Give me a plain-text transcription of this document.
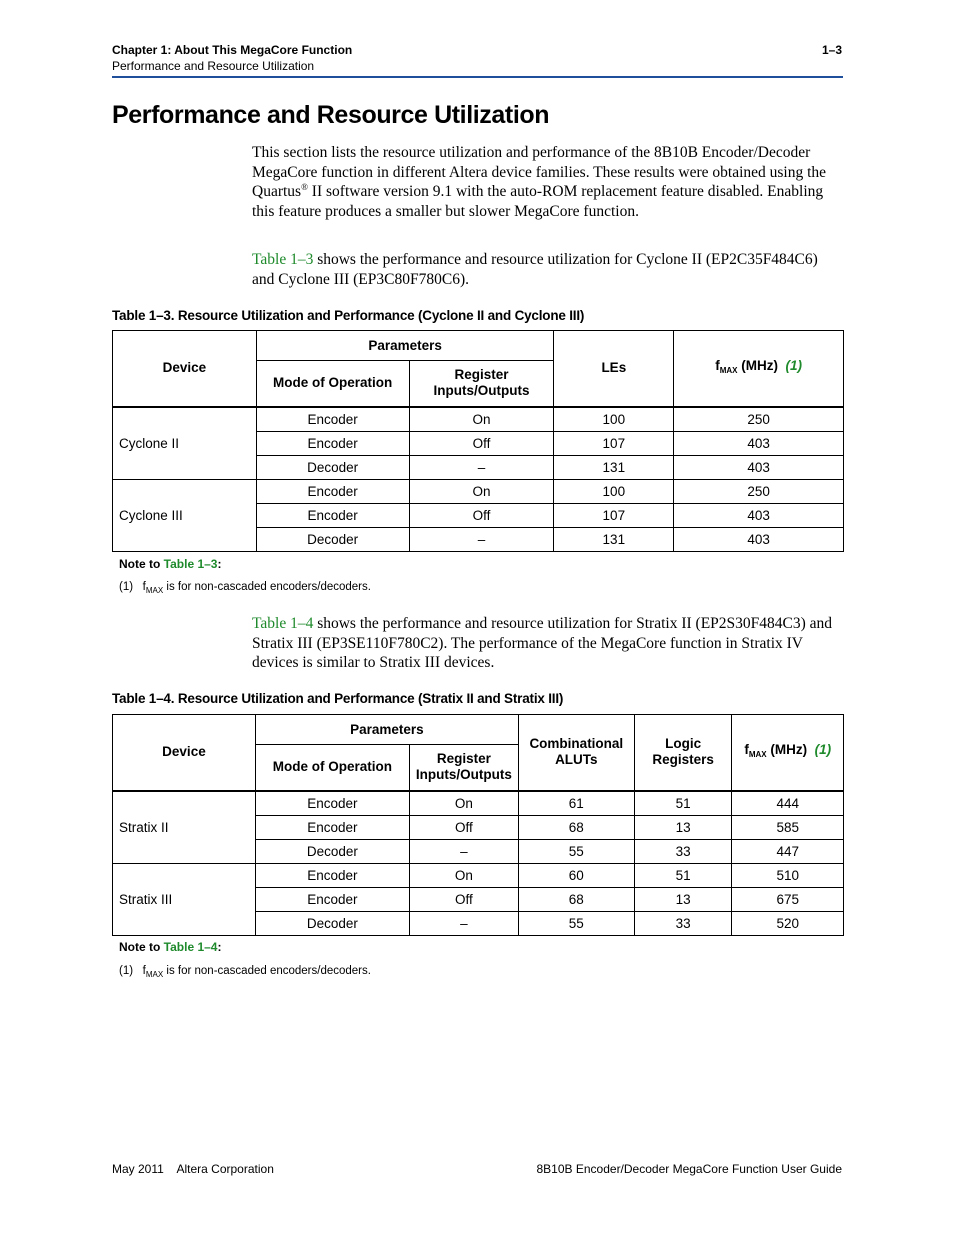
Chapter 1: About This MegaCore Function
Performance and Resource Utilization
1–3
Performance and Resource Utilization

This section lists the resource utilization and performance of the 8B10B Encoder/Decoder MegaCore function in different Altera device families. These results were obtained using the Quartus® II software version 9.1 with the auto-ROM replacement feature disabled. Enabling this feature produces a smaller but slower MegaCore function.

Table 1–3 shows the performance and resource utilization for Cyclone II (EP2C35F484C6) and Cyclone III (EP3C80F780C6).

Table 1–3. Resource Utilization and Performance (Cyclone II and Cyclone III)
Device	Parameters		LEs	$f_{MAX}$ (MHz) (1)
	Mode of Operation	Register Inputs/Outputs		
Cyclone II	Encoder	On	100	250
	Encoder	Off	107	403
	Decoder	–	131	403
Cyclone III	Encoder	On	100	250
	Encoder	Off	107	403
	Decoder	–	131	403
Note to Table 1–3:
(1) $f_{MAX}$ is for non-cascaded encoders/decoders.

Table 1–4 shows the performance and resource utilization for Stratix II (EP2S30F484C3) and Stratix III (EP3SE110F780C2). The performance of the MegaCore function in Stratix IV devices is similar to Stratix III devices.

Table 1–4. Resource Utilization and Performance (Stratix II and Stratix III)
Device	Parameters		Combinational ALUTs	Logic Registers	$f_{MAX}$ (MHz) (1)
	Mode of Operation	Register Inputs/Outputs			
Stratix II	Encoder	On	61	51	444
	Encoder	Off	68	13	585
	Decoder	–	55	33	447
Stratix III	Encoder	On	60	51	510
	Encoder	Off	68	13	675
	Decoder	–	55	33	520
Note to Table 1–4:
(1) $f_{MAX}$ is for non-cascaded encoders/decoders.
May 2011    Altera Corporation	8B10B Encoder/Decoder MegaCore Function User Guide
